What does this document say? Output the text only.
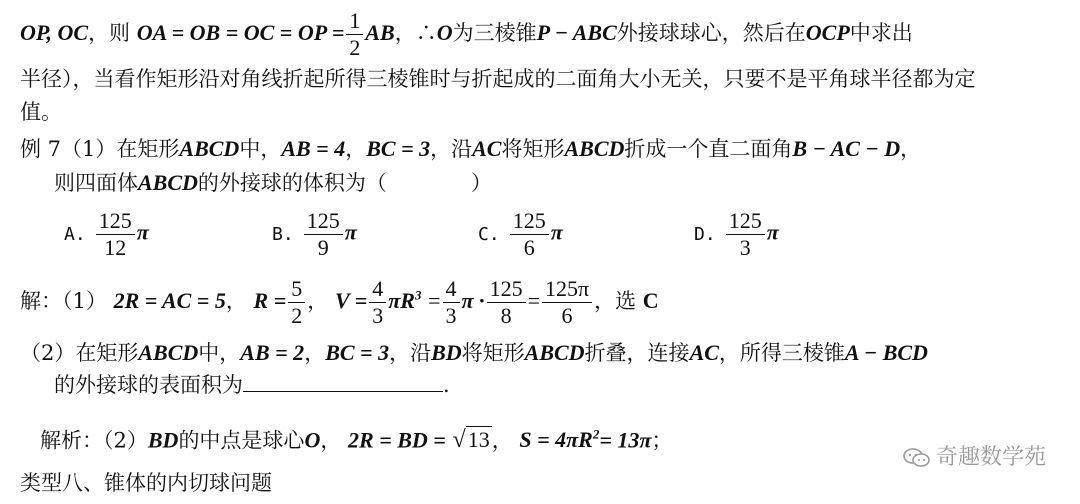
OP, OC，则 OA = OB = OC = OP = $\frac{1}{2}$ AB，∴O为三棱锥P − ABC外接球球心，然后在OCP中求出
半径），当看作矩形沿对角线折起所得三棱锥时与折起成的二面角大小无关，只要不是平角球半径都为定
值。
例 7（1）在矩形ABCD中，AB = 4，BC = 3，沿AC将矩形ABCD折成一个直二面角B − AC − D，
则四面体ABCD的外接球的体积为（　　　　）
A. $\frac{125}{12}$ π	B. $\frac{125}{9}$ π	C. $\frac{125}{6}$ π	D. $\frac{125}{3}$ π
解：（1） 2R = AC = 5， $R = \frac{5}{2}$ ， $V = \frac{4}{3} \pi R^3 = \frac{4}{3}$ $\pi \cdot \frac{125}{8} = \frac{125\pi}{6}$ ，选 C
（2）在矩形ABCD中，AB = 2，BC = 3，沿BD将矩形ABCD折叠，连接AC，所得三棱锥A − BCD
的外接球的表面积为	.
解析：（2）BD的中点是球心O， 2R = BD = √13， $S = 4\pi R^2= 13\pi$；
类型八、锥体的内切球问题
奇趣数学苑
